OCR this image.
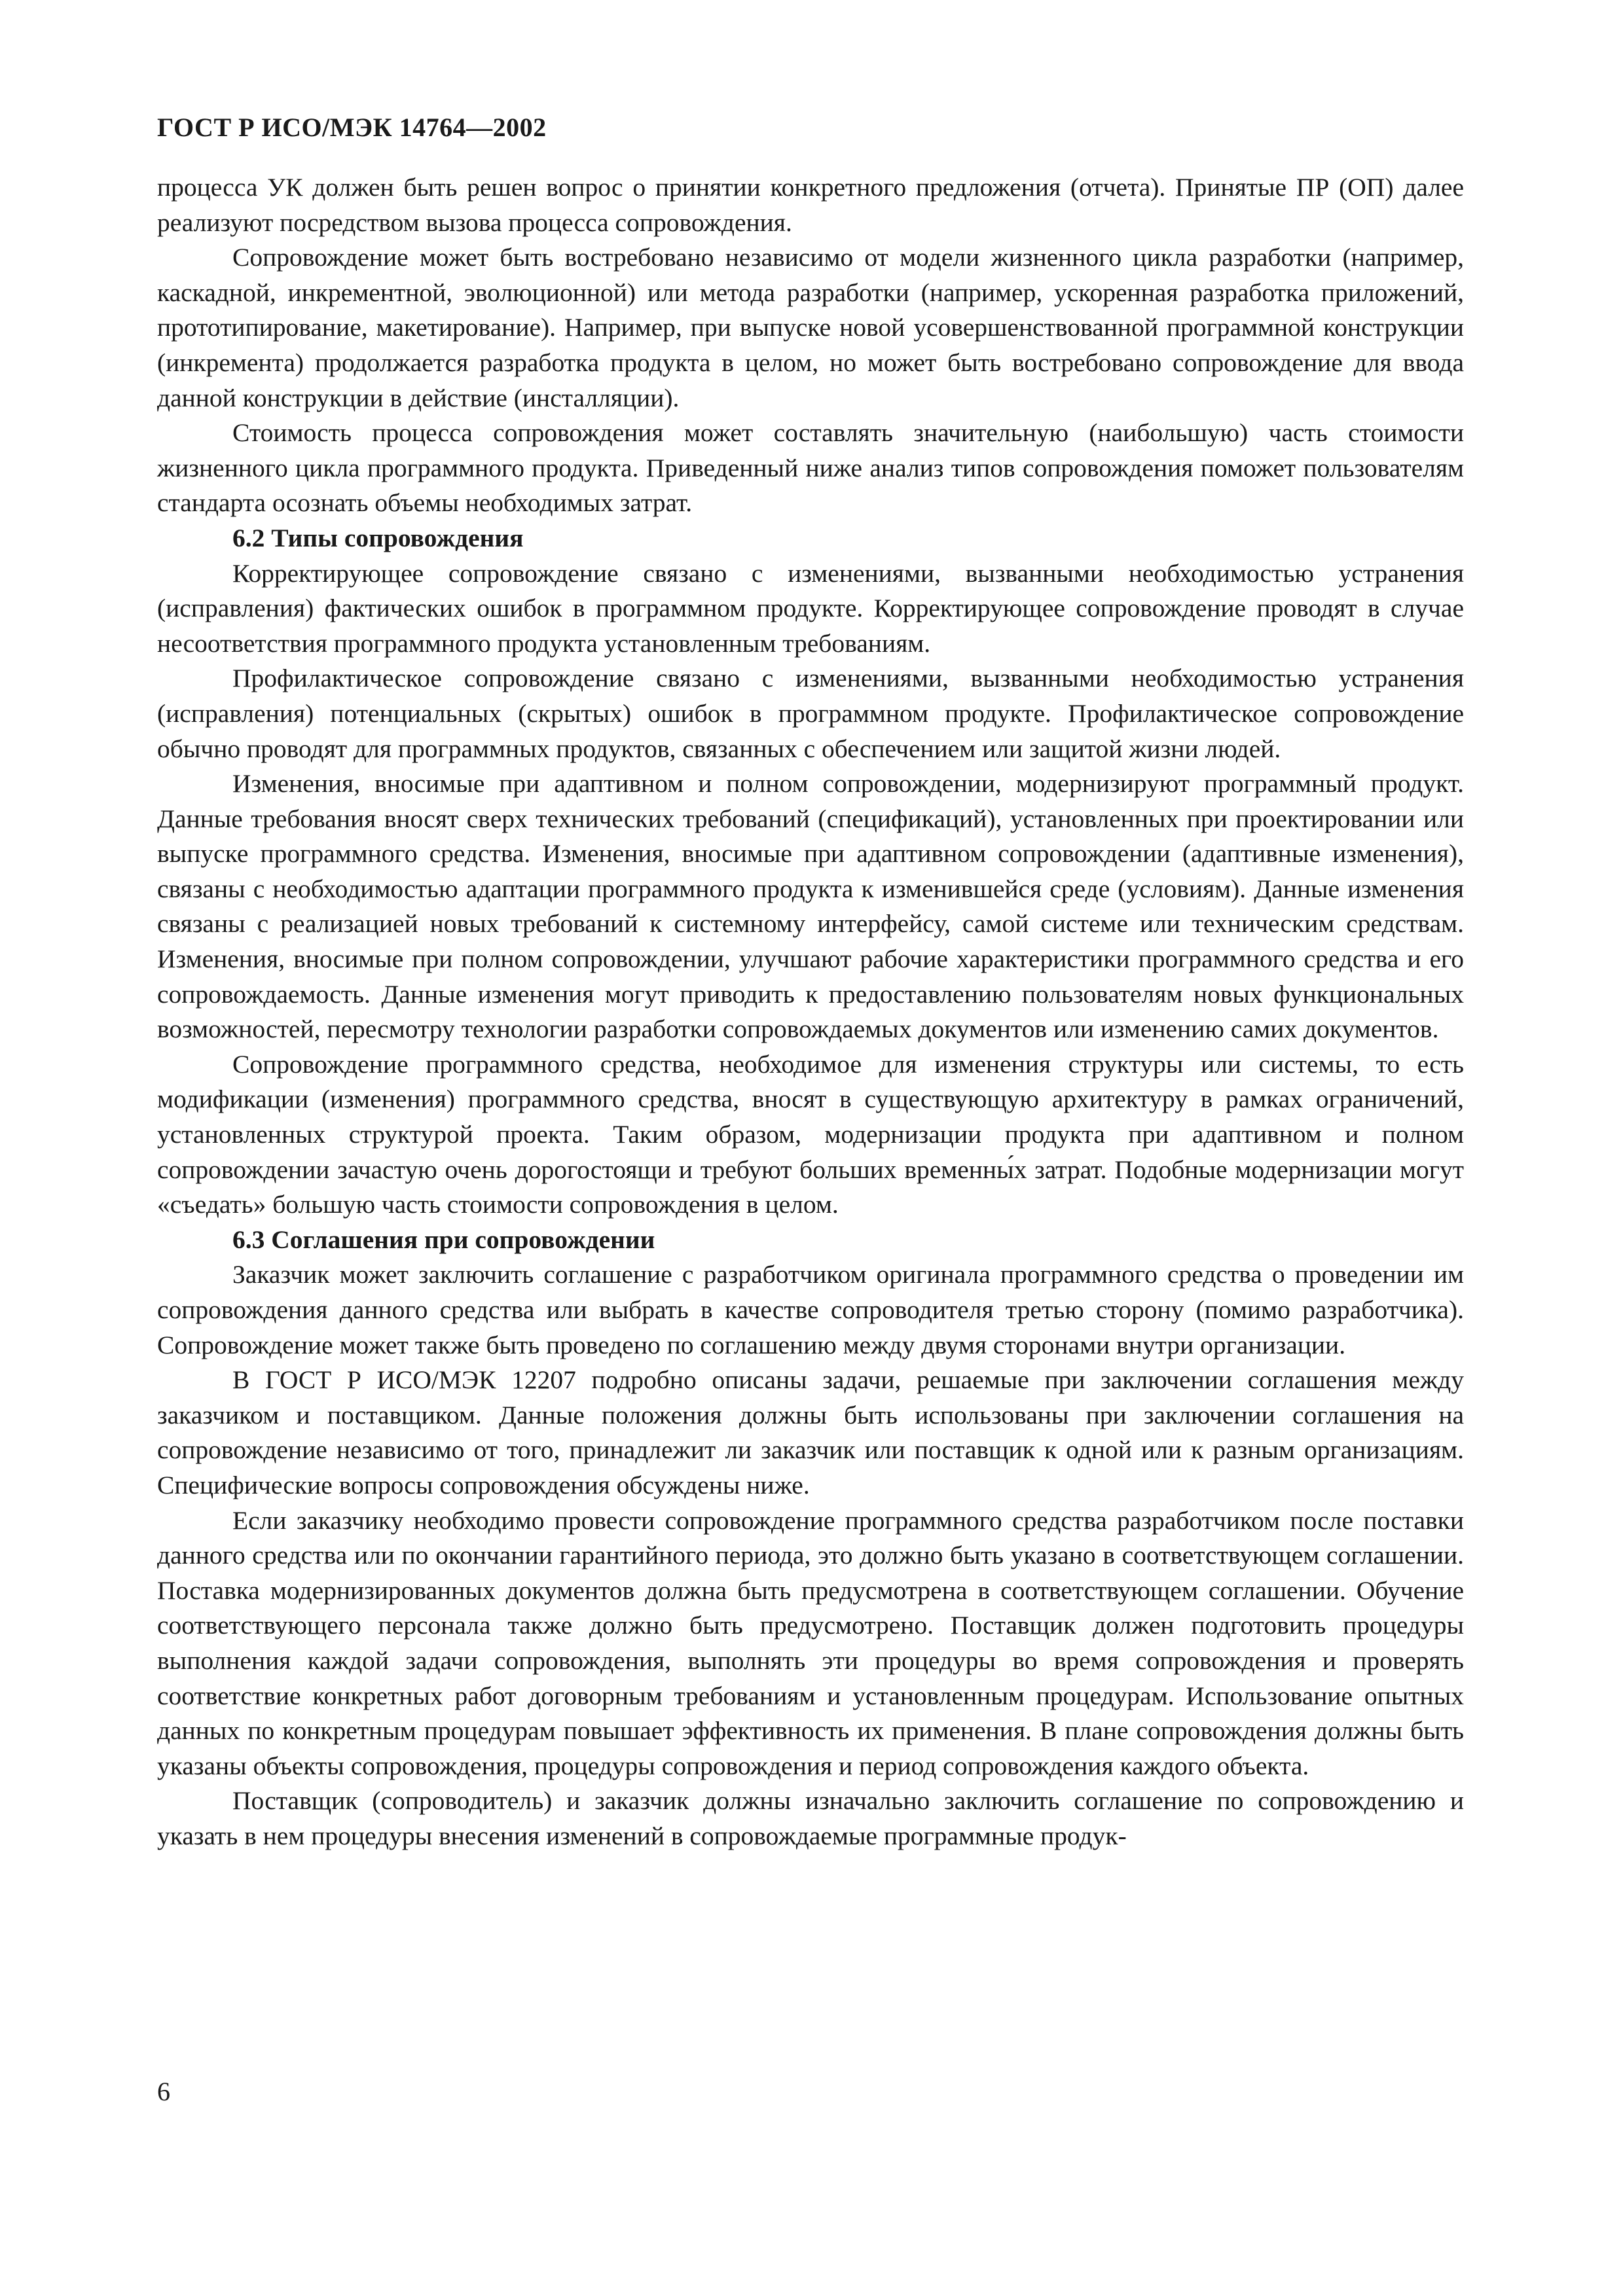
ГОСТ Р ИСО/МЭК 14764—2002

процесса УК должен быть решен вопрос о принятии конкретного предложения (отчета). Принятые ПР (ОП) далее реализуют посредством вызова процесса сопровождения.

Сопровождение может быть востребовано независимо от модели жизненного цикла разработки (например, каскадной, инкрементной, эволюционной) или метода разработки (например, ускоренная разработка приложений, прототипирование, макетирование). Например, при выпуске новой усовершенствованной программной конструкции (инкремента) продолжается разработка продукта в целом, но может быть востребовано сопровождение для ввода данной конструкции в действие (инсталляции).

Стоимость процесса сопровождения может составлять значительную (наибольшую) часть стоимости жизненного цикла программного продукта. Приведенный ниже анализ типов сопровождения поможет пользователям стандарта осознать объемы необходимых затрат.

6.2 Типы сопровождения

Корректирующее сопровождение связано с изменениями, вызванными необходимостью устранения (исправления) фактических ошибок в программном продукте. Корректирующее сопровождение проводят в случае несоответствия программного продукта установленным требованиям.

Профилактическое сопровождение связано с изменениями, вызванными необходимостью устранения (исправления) потенциальных (скрытых) ошибок в программном продукте. Профилактическое сопровождение обычно проводят для программных продуктов, связанных с обеспечением или защитой жизни людей.

Изменения, вносимые при адаптивном и полном сопровождении, модернизируют программный продукт. Данные требования вносят сверх технических требований (спецификаций), установленных при проектировании или выпуске программного средства. Изменения, вносимые при адаптивном сопровождении (адаптивные изменения), связаны с необходимостью адаптации программного продукта к изменившейся среде (условиям). Данные изменения связаны с реализацией новых требований к системному интерфейсу, самой системе или техническим средствам. Изменения, вносимые при полном сопровождении, улучшают рабочие характеристики программного средства и его сопровождаемость. Данные изменения могут приводить к предоставлению пользователям новых функциональных возможностей, пересмотру технологии разработки сопровождаемых документов или изменению самих документов.

Сопровождение программного средства, необходимое для изменения структуры или системы, то есть модификации (изменения) программного средства, вносят в существующую архитектуру в рамках ограничений, установленных структурой проекта. Таким образом, модернизации продукта при адаптивном и полном сопровождении зачастую очень дорогостоящи и требуют больших временны́х затрат. Подобные модернизации могут «съедать» большую часть стоимости сопровождения в целом.

6.3 Соглашения при сопровождении

Заказчик может заключить соглашение с разработчиком оригинала программного средства о проведении им сопровождения данного средства или выбрать в качестве сопроводителя третью сторону (помимо разработчика). Сопровождение может также быть проведено по соглашению между двумя сторонами внутри организации.

В ГОСТ Р ИСО/МЭК 12207 подробно описаны задачи, решаемые при заключении соглашения между заказчиком и поставщиком. Данные положения должны быть использованы при заключении соглашения на сопровождение независимо от того, принадлежит ли заказчик или поставщик к одной или к разным организациям. Специфические вопросы сопровождения обсуждены ниже.

Если заказчику необходимо провести сопровождение программного средства разработчиком после поставки данного средства или по окончании гарантийного периода, это должно быть указано в соответствующем соглашении. Поставка модернизированных документов должна быть предусмотрена в соответствующем соглашении. Обучение соответствующего персонала также должно быть предусмотрено. Поставщик должен подготовить процедуры выполнения каждой задачи сопровождения, выполнять эти процедуры во время сопровождения и проверять соответствие конкретных работ договорным требованиям и установленным процедурам. Использование опытных данных по конкретным процедурам повышает эффективность их применения. В плане сопровождения должны быть указаны объекты сопровождения, процедуры сопровождения и период сопровождения каждого объекта.

Поставщик (сопроводитель) и заказчик должны изначально заключить соглашение по сопровождению и указать в нем процедуры внесения изменений в сопровождаемые программные продук-

6
